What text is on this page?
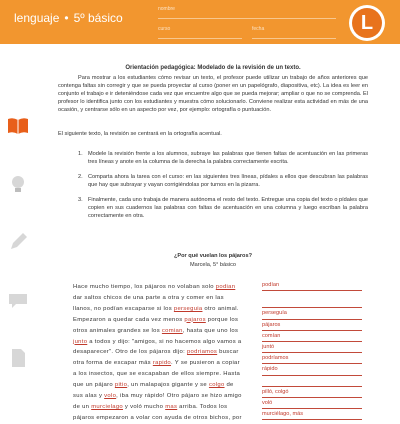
lenguaje • 5º básico
nombre
curso	fecha	L
Orientación pedagógica: Modelado de la revisión de un texto.
Para mostrar a los estudiantes cómo revisar un texto, el profesor puede utilizar un trabajo de años anteriores que contenga faltas sin corregir y que se pueda proyectar al curso (poner en un papelógrafo, diapositiva, etc). La idea es leer en conjunto el trabajo e ir deteniéndose cada vez que encuentre algo que se pueda mejorar; ampliar o que no se comprenda. El profesor lo identifica junto con los estudiantes y muestra cómo solucionarlo. Conviene realizar esta actividad en más de una ocasión, y centrarse sólo en un aspecto por vez, por ejemplo: ortografía o puntuación.
El siguiente texto, la revisión se centrará en la ortografía acentual.
1. Modele la revisión frente a los alumnos, subraye las palabras que tienen faltas de acentuación en las primeras tres líneas y anote en la columna de la derecha la palabra correctamente escrita.
2. Comparta ahora la tarea con el curso: en las siguientes tres líneas, pídales a ellos que descubran las palabras que hay que subrayar y vayan corrigiéndolas por turnos en la pizarra.
3. Finalmente, cada uno trabaja de manera autónoma el resto del texto. Entregue una copia del texto o pídales que copien en sus cuadernos las palabras con faltas de acentuación en una columna y luego escriban la palabra correctamente en otra.
¿Por qué vuelan los pájaros?
Marcela, 5° básico
Hace mucho tiempo, los pájaros no volaban solo podian
dar saltos chicos de una parte a otra y comer en las
llanos, no podían escaparse si los perseguia otro animal.
Empezaron a quedar cada vez menos pajaros porque los
otros animales grandes se los comian, hasta que uno los
junto a todos y dijo: "amigos, si no hacemos algo vamos a
desaparecer". Otro de los pájaros dijo: podriamos buscar
otra forma de escapar más rapido. Y se pusieron a copiar
a los insectos, que se escapaban de ellos siempre. Hasta
que un pájaro pitio, un malapajos gigante y se colgo de
sus alas y volo, iba muy rápido! Otro pájaro se hizo amigo
de un murcielago y voló mucho mas arriba. Todos los
pájaros empezaron a volar con ayuda de otros bichos, por
podían
perseguía
pájaros
comían
juntó
podríamos
rápido
pilló, colgó
voló
murciélago, más
